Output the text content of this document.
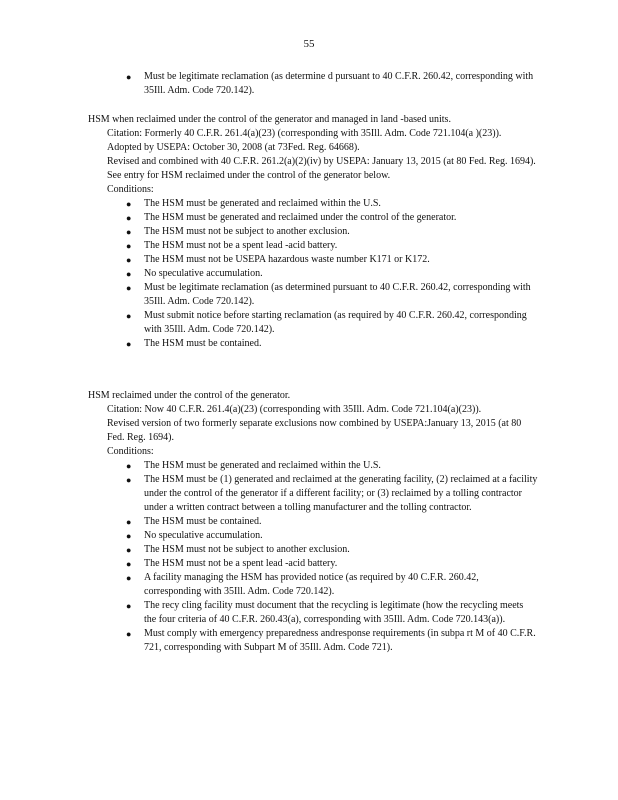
55
● Must be legitimate reclamation (as determine d pursuant to 40 C.F.R. 260.42, corresponding with 35Ill. Adm. Code 720.142).
HSM when reclaimed under the control of the generator and managed in land -based units.
Citation: Formerly 40 C.F.R. 261.4(a)(23) (corresponding with 35Ill. Adm. Code 721.104(a )(23)).
Adopted by USEPA: October 30, 2008 (at 73Fed. Reg. 64668).
Revised and combined with 40 C.F.R. 261.2(a)(2)(iv) by USEPA: January 13, 2015 (at 80 Fed. Reg. 1694). See entry for HSM reclaimed under the control of the generator below.
Conditions:
● The HSM must be generated and reclaimed within the U.S.
● The HSM must be generated and reclaimed under the control of the generator.
● The HSM must not be subject to another exclusion.
● The HSM must not be a spent lead -acid battery.
● The HSM must not be USEPA hazardous waste number K171 or K172.
● No speculative accumulation.
● Must be legitimate reclamation (as determined pursuant to 40 C.F.R. 260.42, corresponding with 35Ill. Adm. Code 720.142).
● Must submit notice before starting reclamation (as required by 40 C.F.R. 260.42, corresponding with 35Ill. Adm. Code 720.142).
● The HSM must be contained.
HSM reclaimed under the control of the generator.
Citation: Now 40 C.F.R. 261.4(a)(23) (corresponding with 35Ill. Adm. Code 721.104(a)(23)).
Revised version of two formerly separate exclusions now combined by USEPA:January 13, 2015 (at 80 Fed. Reg. 1694).
Conditions:
● The HSM must be generated and reclaimed within the U.S.
● The HSM must be (1) generated and reclaimed at the generating facility, (2) reclaimed at a facility under the control of the generator if a different facility; or (3) reclaimed by a tolling contractor under a written contract between a tolling manufacturer and the tolling contractor.
● The HSM must be contained.
● No speculative accumulation.
● The HSM must not be subject to another exclusion.
● The HSM must not be a spent lead -acid battery.
● A facility managing the HSM has provided notice (as required by 40 C.F.R. 260.42, corresponding with 35Ill. Adm. Code 720.142).
● The recy cling facility must document that the recycling is legitimate (how the recycling meets the four criteria of 40 C.F.R. 260.43(a), corresponding with 35Ill. Adm. Code 720.143(a)).
● Must comply with emergency preparedness andresponse requirements (in subpa rt M of 40 C.F.R. 721, corresponding with Subpart M of 35Ill. Adm. Code 721).
